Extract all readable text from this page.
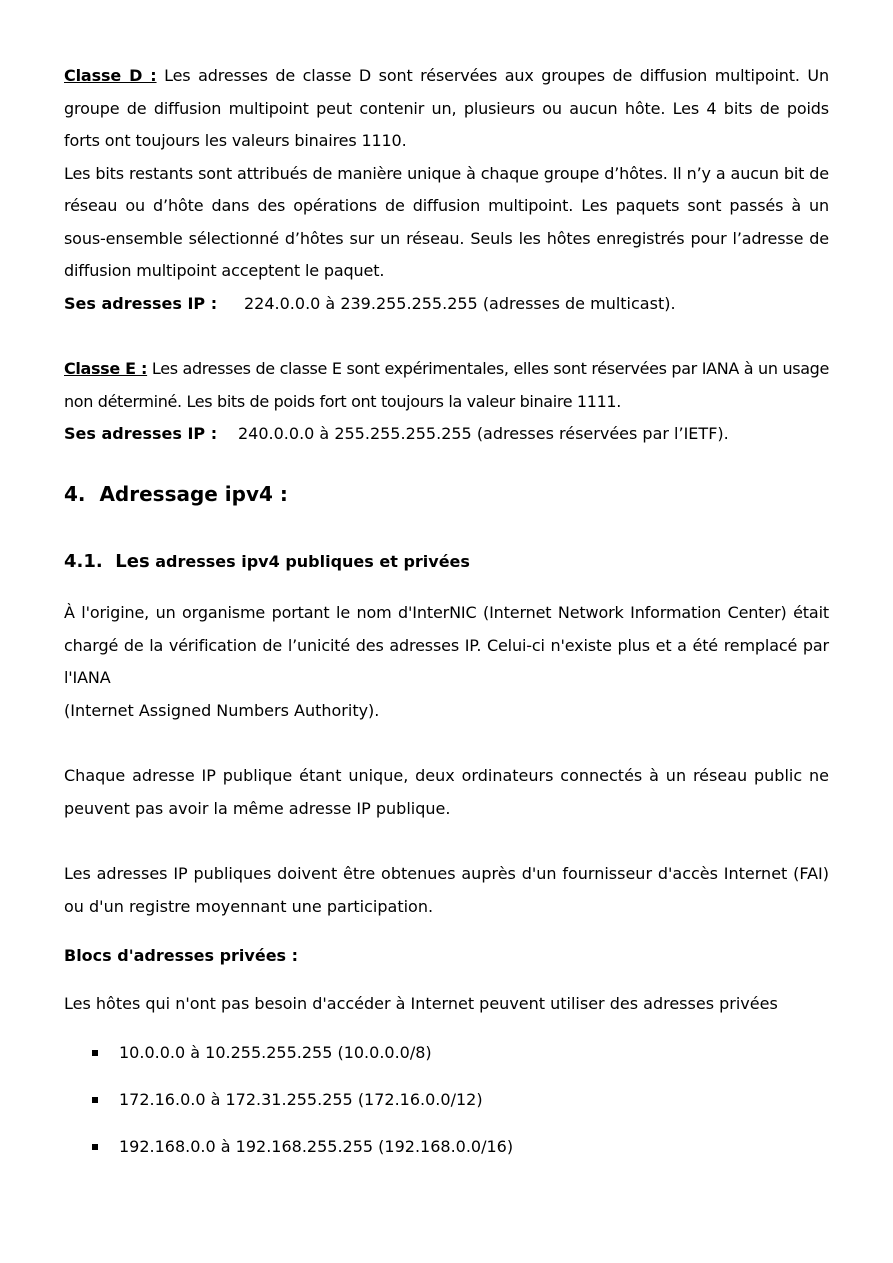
Classe D : Les adresses de classe D sont réservées aux groupes de diffusion multipoint. Un groupe de diffusion multipoint peut contenir un, plusieurs ou aucun hôte. Les 4 bits de poids forts ont toujours les valeurs binaires 1110.

Les bits restants sont attribués de manière unique à chaque groupe d’hôtes. Il n’y a aucun bit de réseau ou d’hôte dans des opérations de diffusion multipoint. Les paquets sont passés à un sous-ensemble sélectionné d’hôtes sur un réseau. Seuls les hôtes enregistrés pour l’adresse de diffusion multipoint acceptent le paquet.

Ses adresses IP : 224.0.0.0 à 239.255.255.255 (adresses de multicast).

Classe E : Les adresses de classe E sont expérimentales, elles sont réservées par IANA à un usage non déterminé. Les bits de poids fort ont toujours la valeur binaire 1111.

Ses adresses IP : 240.0.0.0 à 255.255.255.255 (adresses réservées par l’IETF).

4.  Adressage ipv4 :
4.1. Les adresses ipv4 publiques et privées

À l'origine, un organisme portant le nom d'InterNIC (Internet Network Information Center) était chargé de la vérification de l’unicité des adresses IP. Celui-ci n'existe plus et a été remplacé par l'IANA

(Internet Assigned Numbers Authority).

Chaque adresse IP publique étant unique, deux ordinateurs connectés à un réseau public ne peuvent pas avoir la même adresse IP publique.

Les adresses IP publiques doivent être obtenues auprès d'un fournisseur d'accès Internet (FAI) ou d'un registre moyennant une participation.

Blocs d'adresses privées :

Les hôtes qui n'ont pas besoin d'accéder à Internet peuvent utiliser des adresses privées

10.0.0.0 à 10.255.255.255 (10.0.0.0/8)
172.16.0.0 à 172.31.255.255 (172.16.0.0/12)
192.168.0.0 à 192.168.255.255 (192.168.0.0/16)
